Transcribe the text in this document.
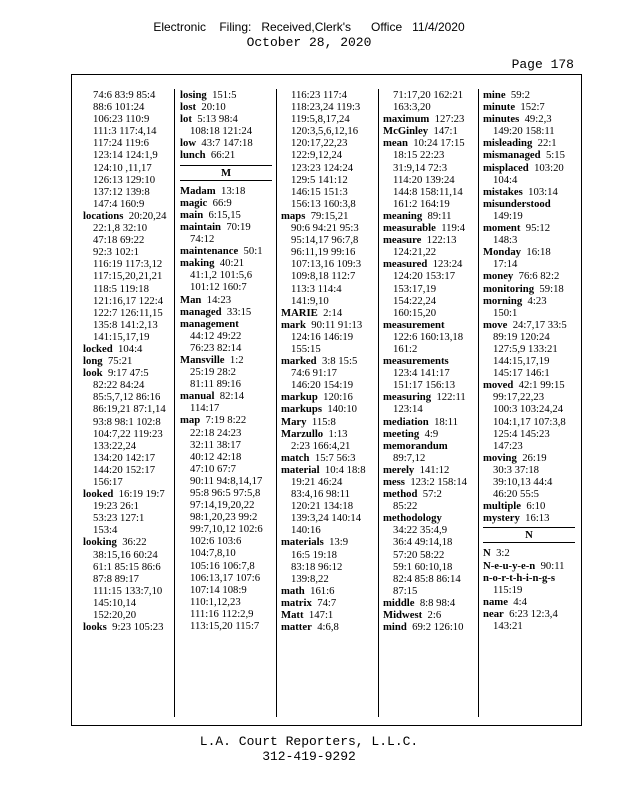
Electronic    Filing:   Received,Clerk's      Office   11/4/2020
October 28, 2020
Page 178
74:6 83:9 85:4
88:6 101:24
106:23 110:9
111:3 117:4,14
117:24 119:6
123:14 124:1,9
124:10 ,11,17
126:13 129:10
137:12 139:8
147:4 160:9
locations  20:20,24
22:1,8 32:10
47:18 69:22
92:3 102:1
116:19 117:3,12
117:15,20,21,21
118:5 119:18
121:16,17 122:4
122:7 126:11,15
135:8 141:2,13
141:15,17,19
locked  104:4
long  75:21
look  9:17 47:5
82:22 84:24
85:5,7,12 86:16
86:19,21 87:1,14
93:8 98:1 102:8
104:7,22 119:23
133:22,24
134:20 142:17
144:20 152:17
156:17
looked  16:19 19:7
19:23 26:1
53:23 127:1
153:4
looking  36:22
38:15,16 60:24
61:1 85:15 86:6
87:8 89:17
111:15 133:7,10
145:10,14
152:20,20
looks  9:23 105:23
losing  151:5
lost  20:10
lot  5:13 98:4
108:18 121:24
low  43:7 147:18
lunch  66:21
M
Madam  13:18
magic  66:9
main  6:15,15
maintain  70:19
74:12
maintenance  50:1
making  40:21
41:1,2 101:5,6
101:12 160:7
Man  14:23
managed  33:15
management
44:12 49:22
76:23 82:14
Mansville  1:2
25:19 28:2
81:11 89:16
manual  82:14
114:17
map  7:19 8:22
22:18 24:23
32:11 38:17
40:12 42:18
47:10 67:7
90:11 94:8,14,17
95:8 96:5 97:5,8
97:14,19,20,22
98:1,20,23 99:2
99:7,10,12 102:6
102:6 103:6
104:7,8,10
105:16 106:7,8
106:13,17 107:6
107:14 108:9
110:1,12,23
111:16 112:2,9
113:15,20 115:7
116:23 117:4
118:23,24 119:3
119:5,8,17,24
120:3,5,6,12,16
120:17,22,23
122:9,12,24
123:23 124:24
129:5 141:12
146:15 151:3
156:13 160:3,8
maps  79:15,21
90:6 94:21 95:3
95:14,17 96:7,8
96:11,19 99:16
107:13,16 109:3
109:8,18 112:7
113:3 114:4
141:9,10
MARIE  2:14
mark  90:11 91:13
124:16 146:19
155:15
marked  3:8 15:5
74:6 91:17
146:20 154:19
markup  120:16
markups  140:10
Mary  115:8
Marzullo  1:13
2:23 166:4,21
match  15:7 56:3
material  10:4 18:8
19:21 46:24
83:4,16 98:11
120:21 134:18
139:3,24 140:14
140:16
materials  13:9
16:5 19:18
83:18 96:12
139:8,22
math  161:6
matrix  74:7
Matt  147:1
matter  4:6,8
71:17,20 162:21
163:3,20
maximum  127:23
McGinley  147:1
mean  10:24 17:15
18:15 22:23
31:9,14 72:3
114:20 139:24
144:8 158:11,14
161:2 164:19
meaning  89:11
measurable  119:4
measure  122:13
124:21,22
measured  123:24
124:20 153:17
153:17,19
154:22,24
160:15,20
measurement
122:6 160:13,18
161:2
measurements
123:4 141:17
151:17 156:13
measuring  122:11
123:14
mediation  18:11
meeting  4:9
memorandum
89:7,12
merely  141:12
mess  123:2 158:14
method  57:2
85:22
methodology
34:22 35:4,9
36:4 49:14,18
57:20 58:22
59:1 60:10,18
82:4 85:8 86:14
87:15
middle  8:8 98:4
Midwest  2:6
mind  69:2 126:10
mine  59:2
minute  152:7
minutes  49:2,3
149:20 158:11
misleading  22:1
mismanaged  5:15
misplaced  103:20
104:4
mistakes  103:14
misunderstood
149:19
moment  95:12
148:3
Monday  16:18
17:14
money  76:6 82:2
monitoring  59:18
morning  4:23
150:1
move  24:7,17 33:5
89:19 120:24
127:5,9 133:21
144:15,17,19
145:17 146:1
moved  42:1 99:15
99:17,22,23
100:3 103:24,24
104:1,17 107:3,8
125:4 145:23
147:23
moving  26:19
30:3 37:18
39:10,13 44:4
46:20 55:5
multiple  6:10
mystery  16:13
N
N  3:2
N-e-u-y-e-n  90:11
n-o-r-t-h-i-n-g-s
115:19
name  4:4
near  6:23 12:3,4
143:21
L.A. Court Reporters, L.L.C.
312-419-9292
